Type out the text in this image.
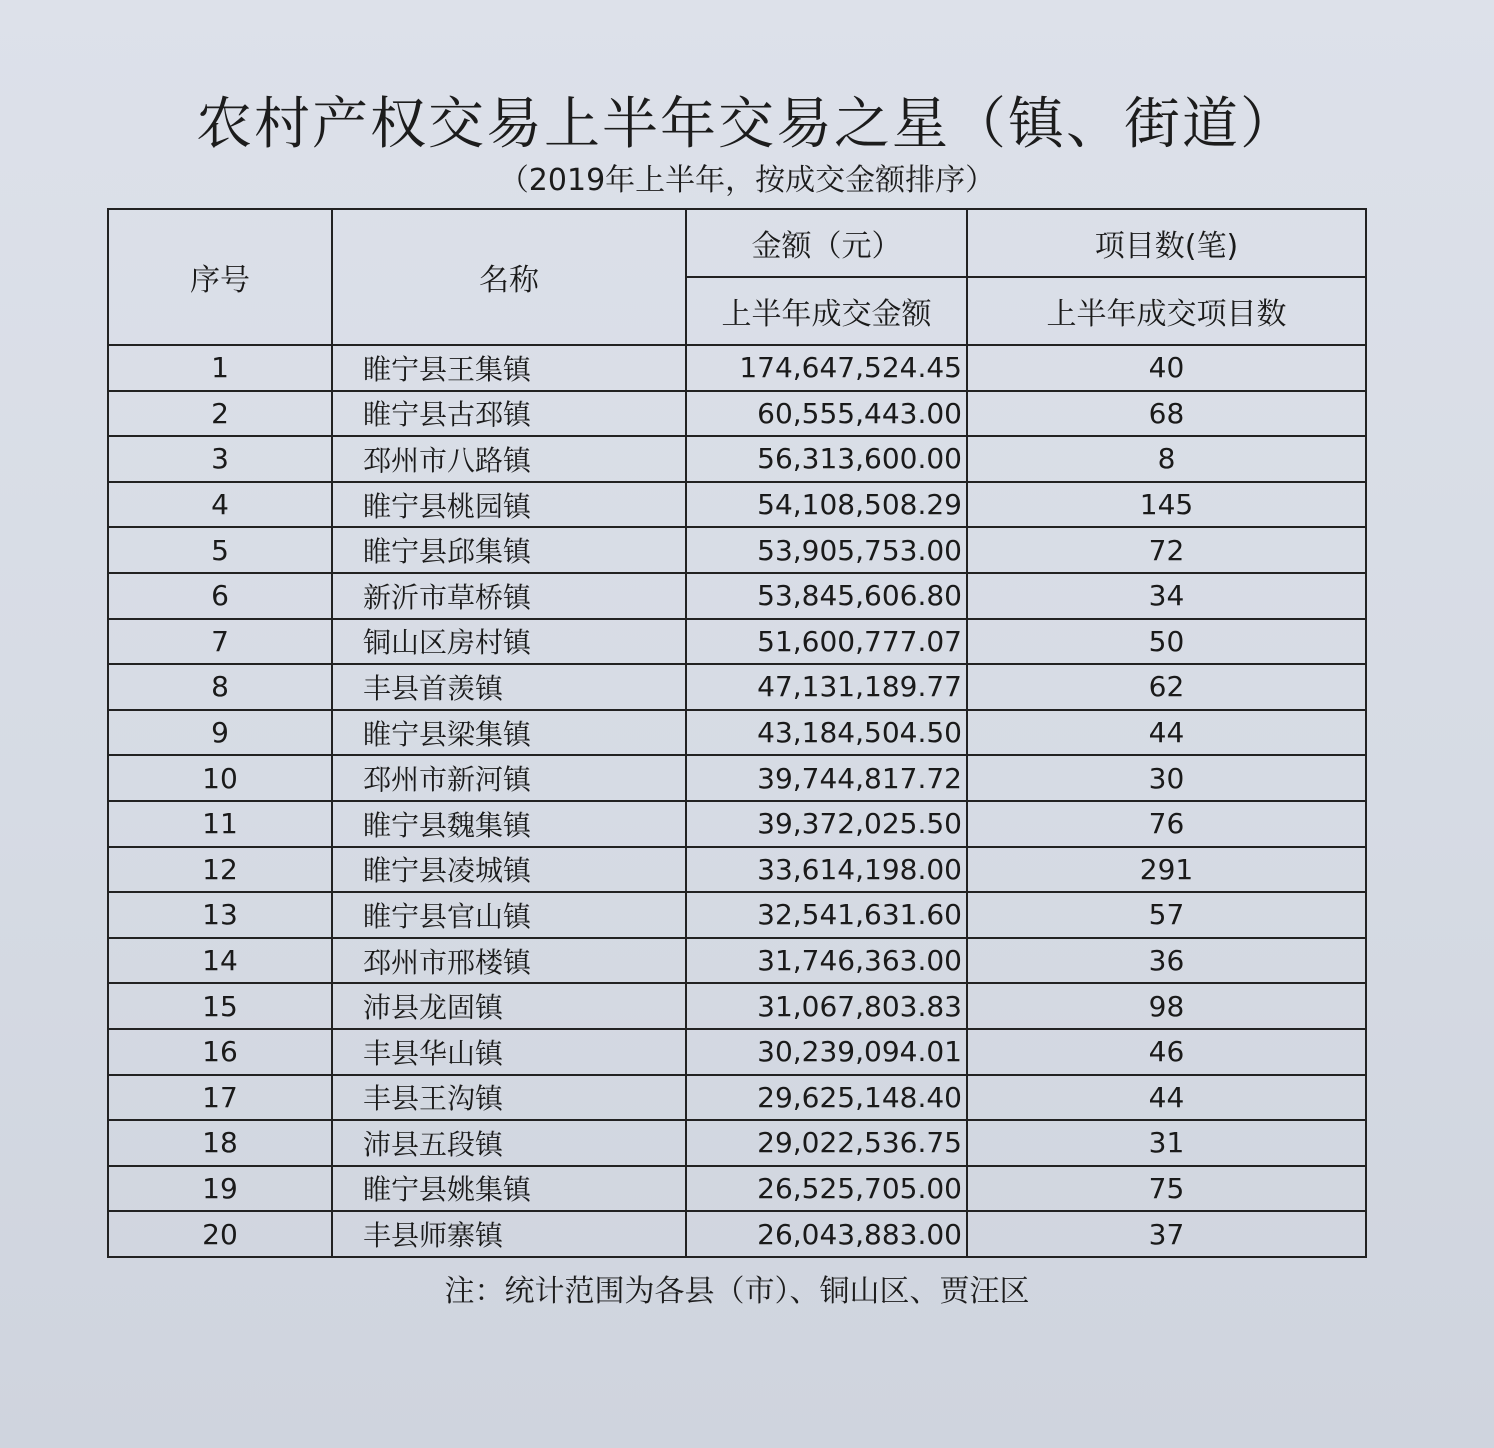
农村产权交易上半年交易之星（镇、街道）
（2019年上半年，按成交金额排序）
序号	名称	金额（元）	项目数(笔)
		上半年成交金额	上半年成交项目数
1	睢宁县王集镇	174,647,524.45	40
2	睢宁县古邳镇	60,555,443.00	68
3	邳州市八路镇	56,313,600.00	8
4	睢宁县桃园镇	54,108,508.29	145
5	睢宁县邱集镇	53,905,753.00	72
6	新沂市草桥镇	53,845,606.80	34
7	铜山区房村镇	51,600,777.07	50
8	丰县首羡镇	47,131,189.77	62
9	睢宁县梁集镇	43,184,504.50	44
10	邳州市新河镇	39,744,817.72	30
11	睢宁县魏集镇	39,372,025.50	76
12	睢宁县凌城镇	33,614,198.00	291
13	睢宁县官山镇	32,541,631.60	57
14	邳州市邢楼镇	31,746,363.00	36
15	沛县龙固镇	31,067,803.83	98
16	丰县华山镇	30,239,094.01	46
17	丰县王沟镇	29,625,148.40	44
18	沛县五段镇	29,022,536.75	31
19	睢宁县姚集镇	26,525,705.00	75
20	丰县师寨镇	26,043,883.00	37
注：统计范围为各县（市）、铜山区、贾汪区
